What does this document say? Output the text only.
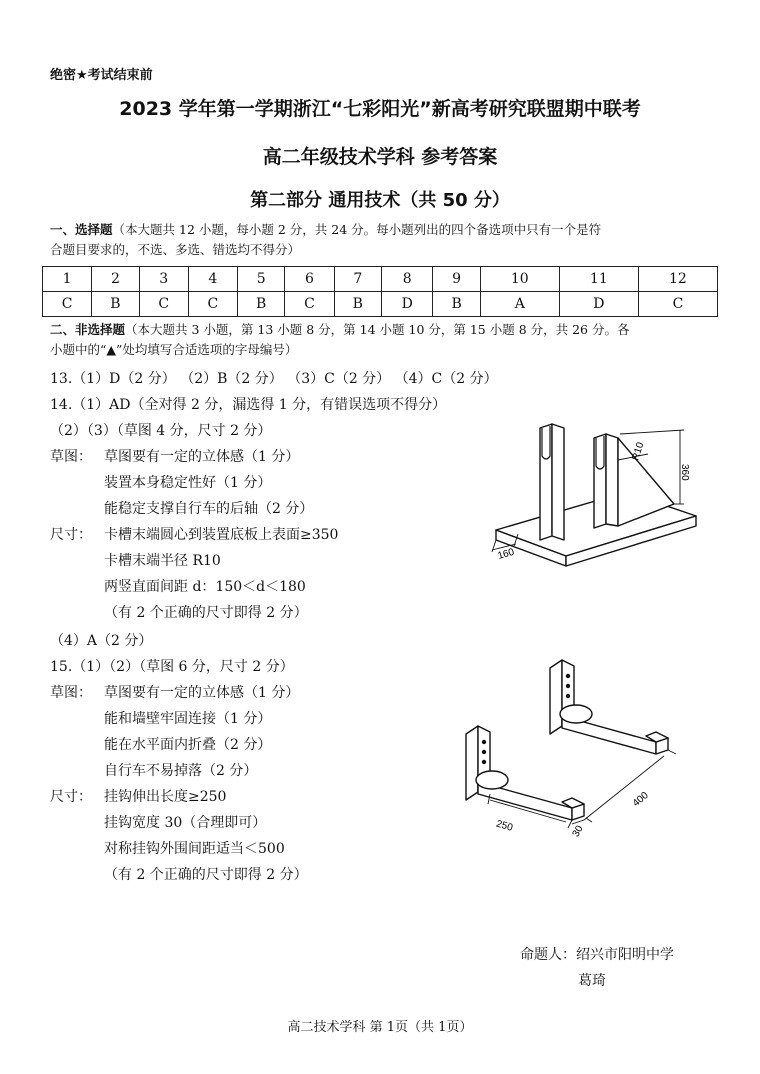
绝密★考试结束前
2023 学年第一学期浙江“七彩阳光”新高考研究联盟期中联考
高二年级技术学科 参考答案
第二部分 通用技术（共 50 分）
一、选择题（本大题共 12 小题，每小题 2 分，共 24 分。每小题列出的四个备选项中只有一个是符
合题目要求的，不选、多选、错选均不得分）
1	2	3	4	5	6	7	8	9	10	11	12
C	B	C	C	B	C	B	D	B	A	D	C
二、非选择题（本大题共 3 小题，第 13 小题 8 分，第 14 小题 10 分，第 15 小题 8 分，共 26 分。各
小题中的“▲”处均填写合适选项的字母编号）
13.（1）D（2 分） （2）B（2 分） （3）C（2 分） （4）C（2 分）
14.（1）AD（全对得 2 分，漏选得 1 分，有错误选项不得分）
（2）（3）（草图 4 分，尺寸 2 分）
草图： 草图要有一定的立体感（1 分）
装置本身稳定性好（1 分）
能稳定支撑自行车的后轴（2 分）
尺寸： 卡槽末端圆心到装置底板上表面≥350
卡槽末端半径 R10
两竖直面间距 d：150＜d＜180
（有 2 个正确的尺寸即得 2 分）
（4）A（2 分）
R10
360
160
15.（1）（2）（草图 6 分，尺寸 2 分）
草图： 草图要有一定的立体感（1 分）
能和墙壁牢固连接（1 分）
能在水平面内折叠（2 分）
自行车不易掉落（2 分）
尺寸： 挂钩伸出长度≥250
挂钩宽度 30（合理即可）
对称挂钩外围间距适当＜500
（有 2 个正确的尺寸即得 2 分）
250	30
400
命题人：绍兴市阳明中学
葛琦
高二技术学科 第 1页（共 1页）
